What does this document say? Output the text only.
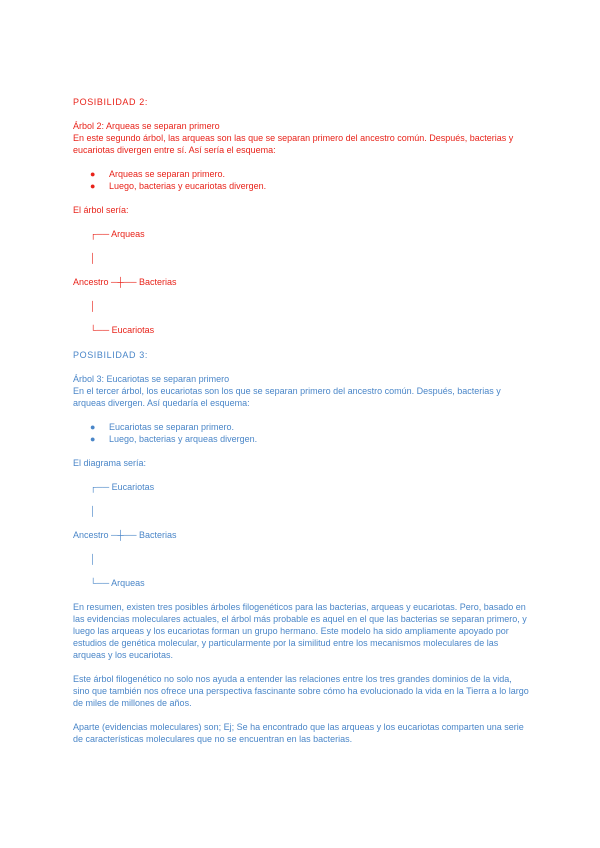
POSIBILIDAD 2:

Árbol 2: Arqueas se separan primero

En este segundo árbol, las arqueas son las que se separan primero del ancestro común. Después, bacterias y eucariotas divergen entre sí. Así sería el esquema:

● Arqueas se separan primero.
● Luego, bacterias y eucariotas divergen.

El árbol sería:

┌── Arqueas
│
Ancestro ─┼── Bacterias
│
└── Eucariotas

POSIBILIDAD 3:

Árbol 3: Eucariotas se separan primero

En el tercer árbol, los eucariotas son los que se separan primero del ancestro común. Después, bacterias y arqueas divergen. Así quedaría el esquema:

● Eucariotas se separan primero.
● Luego, bacterias y arqueas divergen.

El diagrama sería:

┌── Eucariotas
│
Ancestro ─┼── Bacterias
│
└── Arqueas

En resumen, existen tres posibles árboles filogenéticos para las bacterias, arqueas y eucariotas. Pero, basado en las evidencias moleculares actuales, el árbol más probable es aquel en el que las bacterias se separan primero, y luego las arqueas y los eucariotas forman un grupo hermano. Este modelo ha sido ampliamente apoyado por estudios de genética molecular, y particularmente por la similitud entre los mecanismos moleculares de las arqueas y los eucariotas.

Este árbol filogenético no solo nos ayuda a entender las relaciones entre los tres grandes dominios de la vida, sino que también nos ofrece una perspectiva fascinante sobre cómo ha evolucionado la vida en la Tierra a lo largo de miles de millones de años.

Aparte (evidencias moleculares) son; Ej; Se ha encontrado que las arqueas y los eucariotas comparten una serie de características moleculares que no se encuentran en las bacterias.
